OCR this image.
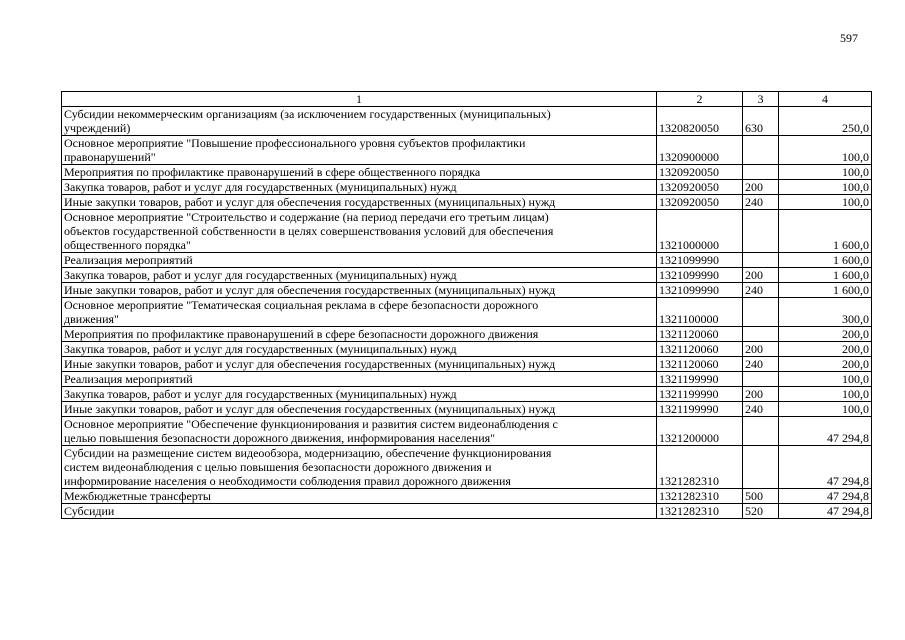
597
1	2	3	4
Субсидии некоммерческим организациям (за исключением государственных (муниципальных)
учреждений)	1320820050	630	250,0
Основное мероприятие "Повышение профессионального уровня субъектов профилактики
правонарушений"	1320900000		100,0
Мероприятия по профилактике правонарушений в сфере общественного порядка	1320920050		100,0
Закупка товаров, работ и услуг для государственных (муниципальных) нужд	1320920050	200	100,0
Иные закупки товаров, работ и услуг для обеспечения государственных (муниципальных) нужд	1320920050	240	100,0
Основное мероприятие "Строительство и содержание (на период передачи его третьим лицам)
объектов государственной собственности в целях совершенствования условий для обеспечения
общественного порядка"	1321000000		1 600,0
Реализация мероприятий	1321099990		1 600,0
Закупка товаров, работ и услуг для государственных (муниципальных) нужд	1321099990	200	1 600,0
Иные закупки товаров, работ и услуг для обеспечения государственных (муниципальных) нужд	1321099990	240	1 600,0
Основное мероприятие "Тематическая социальная реклама в сфере безопасности дорожного
движения"	1321100000		300,0
Мероприятия по профилактике правонарушений в сфере безопасности дорожного движения	1321120060		200,0
Закупка товаров, работ и услуг для государственных (муниципальных) нужд	1321120060	200	200,0
Иные закупки товаров, работ и услуг для обеспечения государственных (муниципальных) нужд	1321120060	240	200,0
Реализация мероприятий	1321199990		100,0
Закупка товаров, работ и услуг для государственных (муниципальных) нужд	1321199990	200	100,0
Иные закупки товаров, работ и услуг для обеспечения государственных (муниципальных) нужд	1321199990	240	100,0
Основное мероприятие "Обеспечение функционирования и развития систем видеонаблюдения с
целью повышения безопасности дорожного движения, информирования населения"	1321200000		47 294,8
Субсидии на размещение систем видеообзора, модернизацию, обеспечение функционирования
систем видеонаблюдения с целью повышения безопасности дорожного движения и
информирование населения о необходимости соблюдения правил дорожного движения	1321282310		47 294,8
Межбюджетные трансферты	1321282310	500	47 294,8
Субсидии	1321282310	520	47 294,8
